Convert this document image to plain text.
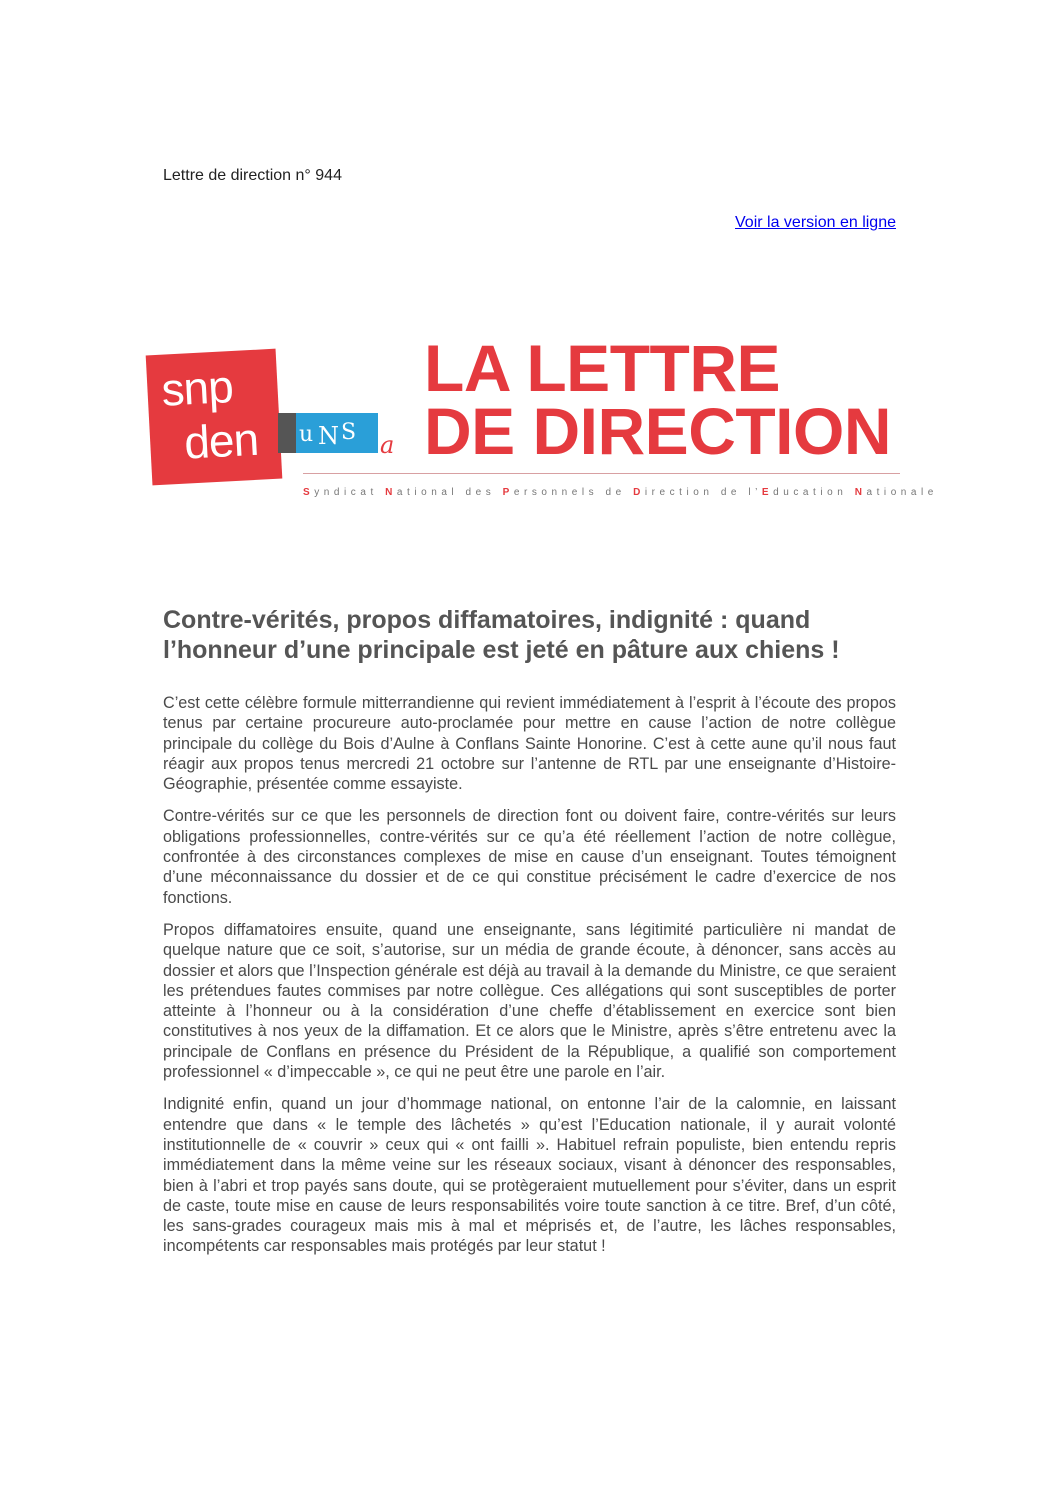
Lettre de direction n° 944
Voir la version en ligne
snp
den u N S a
LA LETTRE
DE DIRECTION
Syndicat National des Personnels de Direction de l’Education Nationale
Contre-vérités, propos diffamatoires, indignité : quand l’honneur d’une principale est jeté en pâture aux chiens !

C’est cette célèbre formule mitterrandienne qui revient immédiatement à l’esprit à l’écoute des propos tenus par certaine procureure auto-proclamée pour mettre en cause l’action de notre collègue principale du collège du Bois d’Aulne à Conflans Sainte Honorine. C’est à cette aune qu’il nous faut réagir aux propos tenus mercredi 21 octobre sur l’antenne de RTL par une enseignante d’Histoire-Géographie, présentée comme essayiste.

Contre-vérités sur ce que les personnels de direction font ou doivent faire, contre-vérités sur leurs obligations professionnelles, contre-vérités sur ce qu’a été réellement l’action de notre collègue, confrontée à des circonstances complexes de mise en cause d’un enseignant. Toutes témoignent d’une méconnaissance du dossier et de ce qui constitue précisément le cadre d’exercice de nos fonctions.

Propos diffamatoires ensuite, quand une enseignante, sans légitimité particulière ni mandat de quelque nature que ce soit, s’autorise, sur un média de grande écoute, à dénoncer, sans accès au dossier et alors que l’Inspection générale est déjà au travail à la demande du Ministre, ce que seraient les prétendues fautes commises par notre collègue. Ces allégations qui sont susceptibles de porter atteinte à l’honneur ou à la considération d’une cheffe d’établissement en exercice sont bien constitutives à nos yeux de la diffamation. Et ce alors que le Ministre, après s’être entretenu avec la principale de Conflans en présence du Président de la République, a qualifié son comportement professionnel « d’impeccable », ce qui ne peut être une parole en l’air.

Indignité enfin, quand un jour d’hommage national, on entonne l’air de la calomnie, en laissant entendre que dans « le temple des lâchetés » qu’est l’Education nationale, il y aurait volonté institutionnelle de « couvrir » ceux qui « ont failli ». Habituel refrain populiste, bien entendu repris immédiatement dans la même veine sur les réseaux sociaux, visant à dénoncer des responsables, bien à l’abri et trop payés sans doute, qui se protègeraient mutuellement pour s’éviter, dans un esprit de caste, toute mise en cause de leurs responsabilités voire toute sanction à ce titre. Bref, d’un côté, les sans-grades courageux mais mis à mal et méprisés et, de l’autre, les lâches responsables, incompétents car responsables mais protégés par leur statut !
